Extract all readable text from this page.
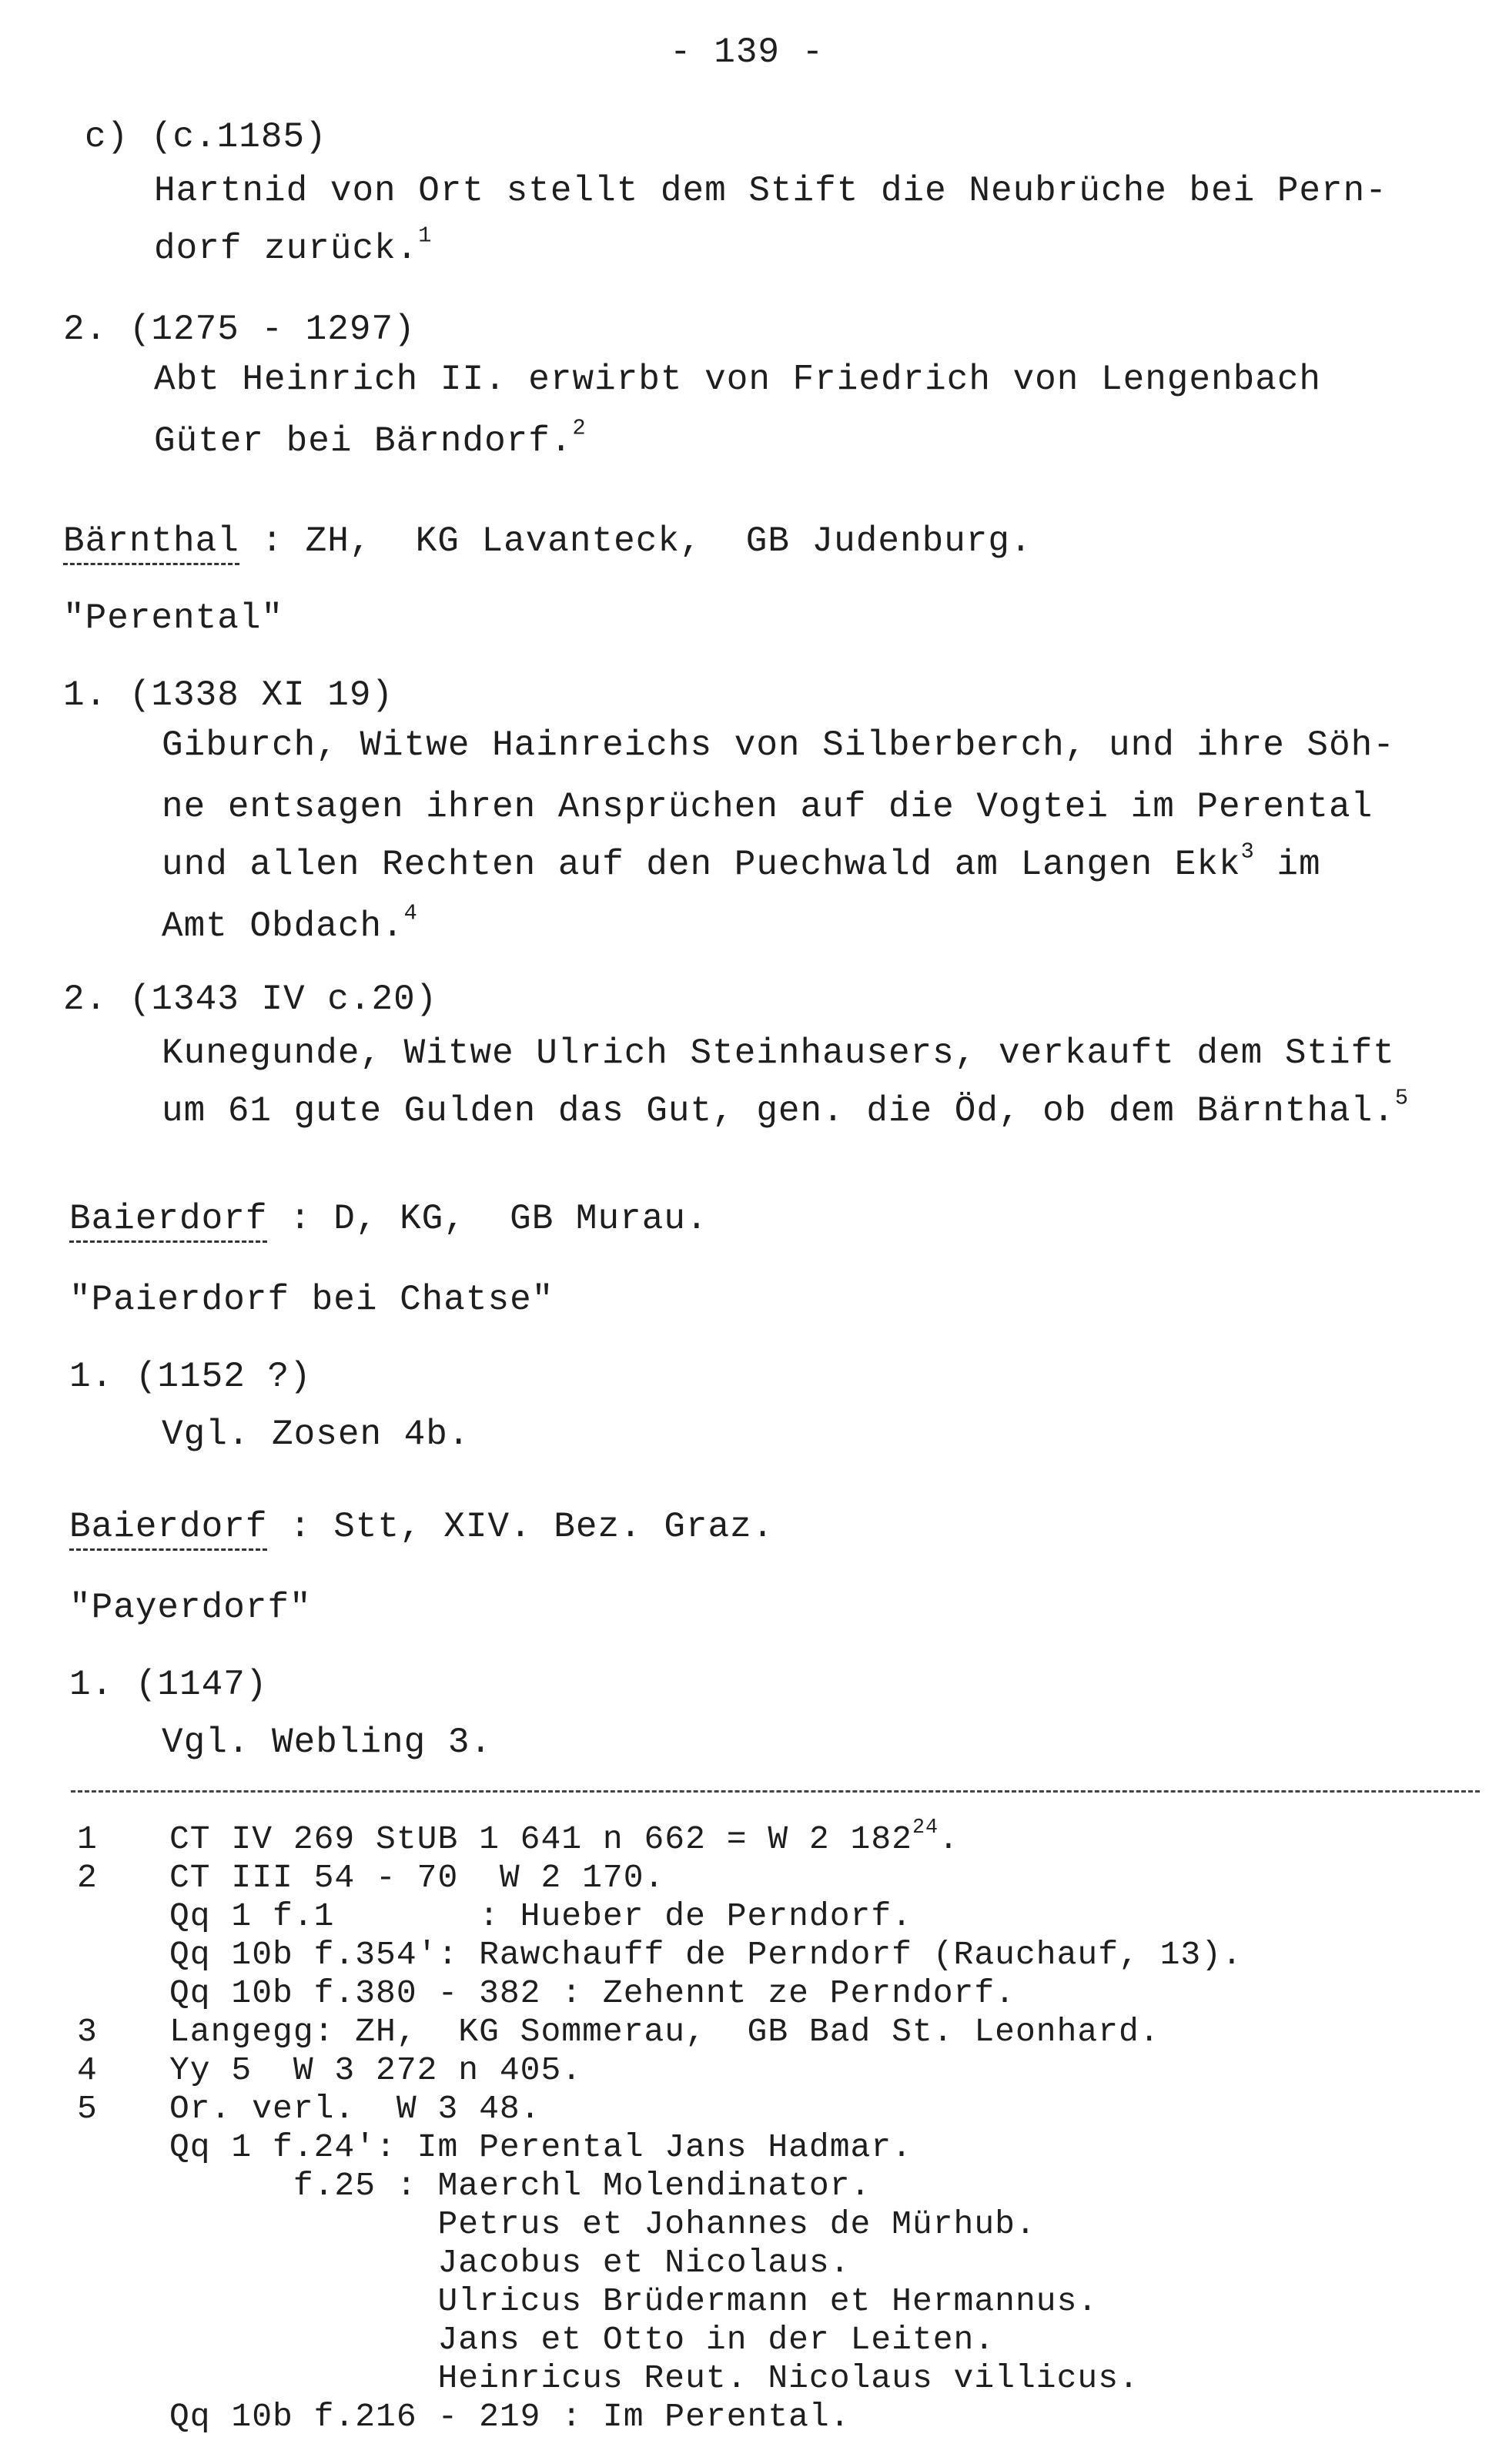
- 139 -
c) (c.1185)
Hartnid von Ort stellt dem Stift die Neubrüche bei Pern-
dorf zurück.$^1$
2. (1275 - 1297)
Abt Heinrich II. erwirbt von Friedrich von Lengenbach
Güter bei Bärndorf.$^2$
Bärnthal : ZH,  KG Lavanteck,  GB Judenburg.
"Perental"
1. (1338 XI 19)
Giburch, Witwe Hainreichs von Silberberch, und ihre Söh-
ne entsagen ihren Ansprüchen auf die Vogtei im Perental
und allen Rechten auf den Puechwald am Langen Ekk$^3$ im
Amt Obdach.$^4$
2. (1343 IV c.20)
Kunegunde, Witwe Ulrich Steinhausers, verkauft dem Stift
um 61 gute Gulden das Gut, gen. die Öd, ob dem Bärnthal.$^5$
Baierdorf : D, KG,  GB Murau.
"Paierdorf bei Chatse"
1. (1152 ?)
Vgl. Zosen 4b.
Baierdorf : Stt, XIV. Bez. Graz.
"Payerdorf"
1. (1147)
Vgl. Webling 3.
1 CT IV 269 StUB 1 641 n 662 = W 2 $182^{24}$.
2 CT III 54 - 70  W 2 170.
Qq 1 f.1       : Hueber de Perndorf.
Qq 10b f.354': Rawchauff de Perndorf (Rauchauf, 13).
Qq 10b f.380 - 382 : Zehennt ze Perndorf.
3 Langegg: ZH,  KG Sommerau,  GB Bad St. Leonhard.
4 Yy 5  W 3 272 n 405.
5 Or. verl.  W 3 48.
Qq 1 f.24': Im Perental Jans Hadmar.
f.25 : Maerchl Molendinator.
Petrus et Johannes de Mürhub.
Jacobus et Nicolaus.
Ulricus Brüdermann et Hermannus.
Jans et Otto in der Leiten.
Heinricus Reut. Nicolaus villicus.
Qq 10b f.216 - 219 : Im Perental.
